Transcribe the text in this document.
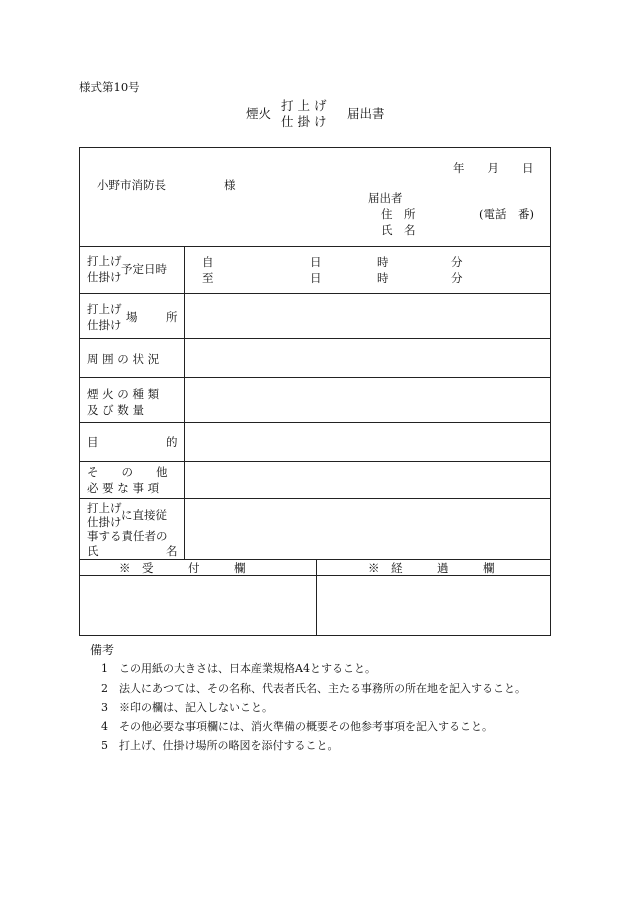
様式第10号
煙火
打上げ
仕掛け
届出書
年　　月　　日
小野市消防長	様
届出者
住　所	(電話　番)
氏　名
打上げ
仕掛け
予定日時	自	日	時	分
至	日	時	分
打上げ
仕掛け
場 所
周 囲 の 状 況
煙 火 の 種 類
及 び 数 量
目	的
そ　　の　　他
必 要 な 事 項
打上げ
仕掛け に直接従
事する責任者の
氏	名
※　受　　　付　　　欄	※　経　　　過　　　欄
備考
1　この用紙の大きさは、日本産業規格A4とすること。
2　法人にあつては、その名称、代表者氏名、主たる事務所の所在地を記入すること。
3　※印の欄は、記入しないこと。
4　その他必要な事項欄には、消火準備の概要その他参考事項を記入すること。
5　打上げ、仕掛け場所の略図を添付すること。
